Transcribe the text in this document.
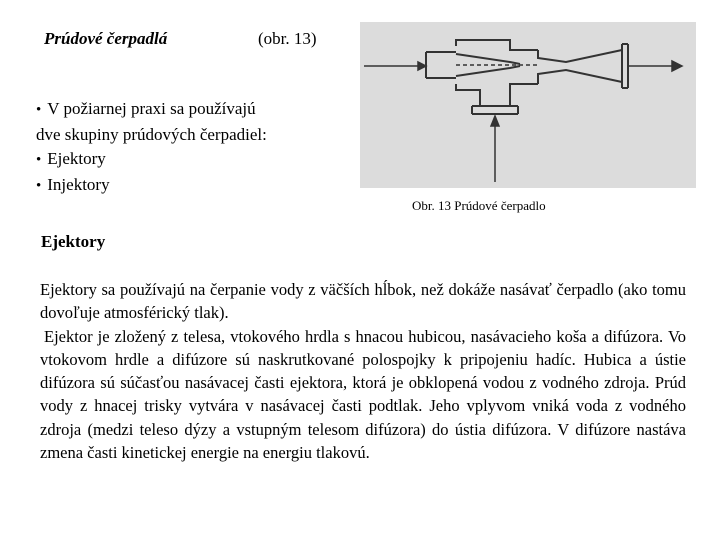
Prúdové čerpadlá	(obr. 13)
• V požiarnej praxi sa používajú
dve skupiny prúdových čerpadiel:
• Ejektory
• Injektory
Obr. 13 Prúdové čerpadlo
Ejektory

Ejektory sa používajú na čerpanie vody z väčších hĺbok, než dokáže nasávať čerpadlo (ako tomu dovoľuje atmosférický tlak).

Ejektor je zložený z telesa, vtokového hrdla s hnacou hubicou, nasávacieho koša a difúzora. Vo vtokovom hrdle a difúzore sú naskrutkované polospojky k pripojeniu hadíc. Hubica a ústie difúzora sú súčasťou nasávacej časti ejektora, ktorá je obklopená vodou z vodného zdroja. Prúd vody z hnacej trisky vytvára v nasávacej časti podtlak. Jeho vplyvom vniká voda z vodného zdroja (medzi teleso dýzy a vstupným telesom difúzora) do ústia difúzora. V difúzore nastáva zmena časti kinetickej energie na energiu tlakovú.
